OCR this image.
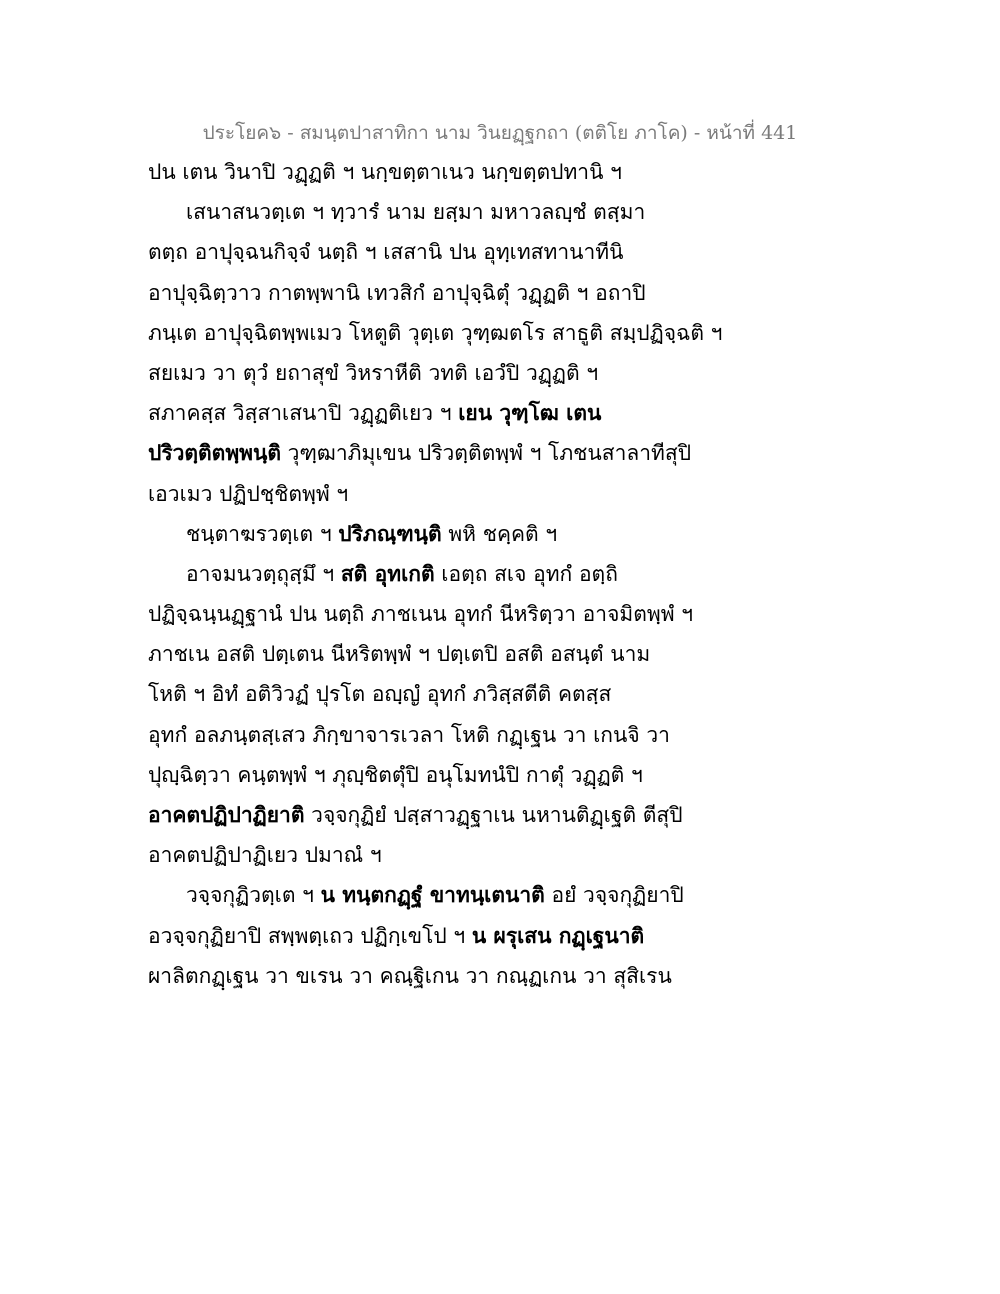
ประโยค๖ - สมนฺตปาสาทิกา นาม วินยฏฺฐกถา (ตติโย ภาโค) - หน้าที่ 441
ปน เตน วินาปิ วฏฺฏติ ฯ นกฺขตฺตาเนว นกฺขตฺตปทานิ ฯ
เสนาสนวตฺเต ฯ ทฺวารํ นาม ยสฺมา มหาวลญฺชํ ตสฺมา
ตตฺถ อาปุจฺฉนกิจฺจํ นตฺถิ ฯ เสสานิ ปน อุทฺเทสทานาทีนิ
อาปุจฺฉิตฺวาว กาตพฺพานิ เทวสิกํ อาปุจฺฉิตุํ วฏฺฏติ ฯ อถาปิ
ภนฺเต อาปุจฺฉิตพฺพเมว โหตูติ วุตฺเต วุฑฺฒตโร สาธูติ สมฺปฏิจฺฉติ ฯ
สยเมว วา ตุวํ ยถาสุขํ วิหราหีติ วทติ เอวํปิ วฏฺฏติ ฯ
สภาคสฺส วิสฺสาเสนาปิ วฏฺฏติเยว ฯ เยน วุฑฺโฒ เตน
ปริวตฺติตพฺพนฺติ วุฑฺฒาภิมุเขน ปริวตฺติตพฺพํ ฯ โภชนสาลาทีสุปิ
เอวเมว ปฏิปชฺชิตพฺพํ ฯ
ชนฺตาฆรวตฺเต ฯ ปริภณฺฑนฺติ พหิ ชคฺคติ ฯ
อาจมนวตฺถุสฺมึ ฯ สติ อุทเกติ เอตฺถ สเจ อุทกํ อตฺถิ
ปฏิจฺฉนฺนฏฺฐานํ ปน นตฺถิ ภาชเนน อุทกํ นีหริตฺวา อาจมิตพฺพํ ฯ
ภาชเน อสติ ปตฺเตน นีหริตพฺพํ ฯ ปตฺเตปิ อสติ อสนฺตํ นาม
โหติ ฯ อิทํ อติวิวฏํ ปุรโต อญฺญํ อุทกํ ภวิสฺสตีติ คตสฺส
อุทกํ อลภนฺตสฺเสว ภิกฺขาจารเวลา โหติ กฏฺเฐน วา เกนจิ วา
ปุญฺฉิตฺวา คนฺตพฺพํ ฯ ภุญฺชิตตุํปิ อนุโมทนํปิ กาตุํ วฏฺฏติ ฯ
อาคตปฏิปาฏิยาติ วจฺจกุฏิยํ ปสฺสาวฏฺฐาเน นหานติฏฺเฐติ ตีสุปิ
อาคตปฏิปาฏิเยว ปมาณํ ฯ
วจฺจกุฏิวตฺเต ฯ น ทนฺตกฏฺฐํ ขาทนฺเตนาติ อยํ วจฺจกุฏิยาปิ
อวจฺจกุฏิยาปิ สพฺพตฺเถว ปฏิกฺเขโป ฯ น ผรุเสน กฏฺเฐนาติ
ผาลิตกฏฺเฐน วา ขเรน วา คณฺฐิเกน วา กณฺฏเกน วา สุสิเรน
